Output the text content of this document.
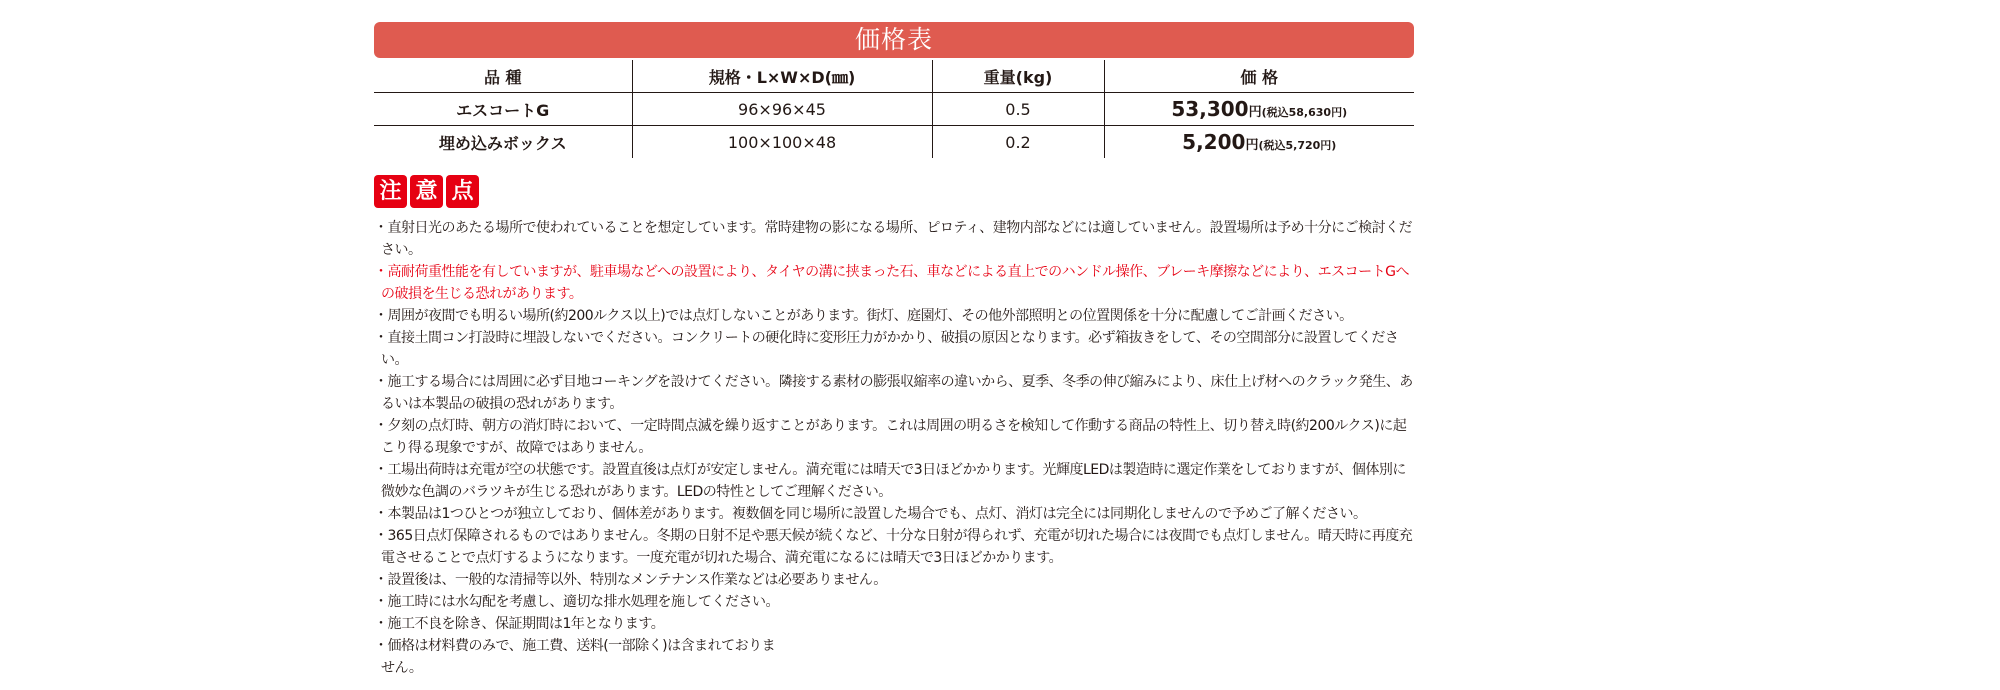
価格表
品 種	規格・L×W×D(㎜)	重量(kg)	価 格
エスコートG	96×96×45	0.5	53,300円(税込58,630円)
埋め込みボックス	100×100×48	0.2	5,200円(税込5,720円)
注 意 点
・直射日光のあたる場所で使われていることを想定しています。常時建物の影になる場所、ピロティ、建物内部などには適していません。設置場所は予め十分にご検討ください。
・高耐荷重性能を有していますが、駐車場などへの設置により、タイヤの溝に挟まった石、車などによる直上でのハンドル操作、ブレーキ摩擦などにより、エスコートGへの破損を生じる恐れがあります。
・周囲が夜間でも明るい場所(約200ルクス以上)では点灯しないことがあります。街灯、庭園灯、その他外部照明との位置関係を十分に配慮してご計画ください。
・直接土間コン打設時に埋設しないでください。コンクリートの硬化時に変形圧力がかかり、破損の原因となります。必ず箱抜きをして、その空間部分に設置してください。
・施工する場合には周囲に必ず目地コーキングを設けてください。隣接する素材の膨張収縮率の違いから、夏季、冬季の伸び縮みにより、床仕上げ材へのクラック発生、あるいは本製品の破損の恐れがあります。
・夕刻の点灯時、朝方の消灯時において、一定時間点滅を繰り返すことがあります。これは周囲の明るさを検知して作動する商品の特性上、切り替え時(約200ルクス)に起こり得る現象ですが、故障ではありません。
・工場出荷時は充電が空の状態です。設置直後は点灯が安定しません。満充電には晴天で3日ほどかかります。光輝度LEDは製造時に選定作業をしておりますが、個体別に微妙な色調のバラツキが生じる恐れがあります。LEDの特性としてご理解ください。
・本製品は1つひとつが独立しており、個体差があります。複数個を同じ場所に設置した場合でも、点灯、消灯は完全には同期化しませんので予めご了解ください。
・365日点灯保障されるものではありません。冬期の日射不足や悪天候が続くなど、十分な日射が得られず、充電が切れた場合には夜間でも点灯しません。晴天時に再度充電させることで点灯するようになります。一度充電が切れた場合、満充電になるには晴天で3日ほどかかります。
・設置後は、一般的な清掃等以外、特別なメンテナンス作業などは必要ありません。
・施工時には水勾配を考慮し、適切な排水処理を施してください。
・施工不良を除き、保証期間は1年となります。
・価格は材料費のみで、施工費、送料(一部除く)は含まれておりません。
